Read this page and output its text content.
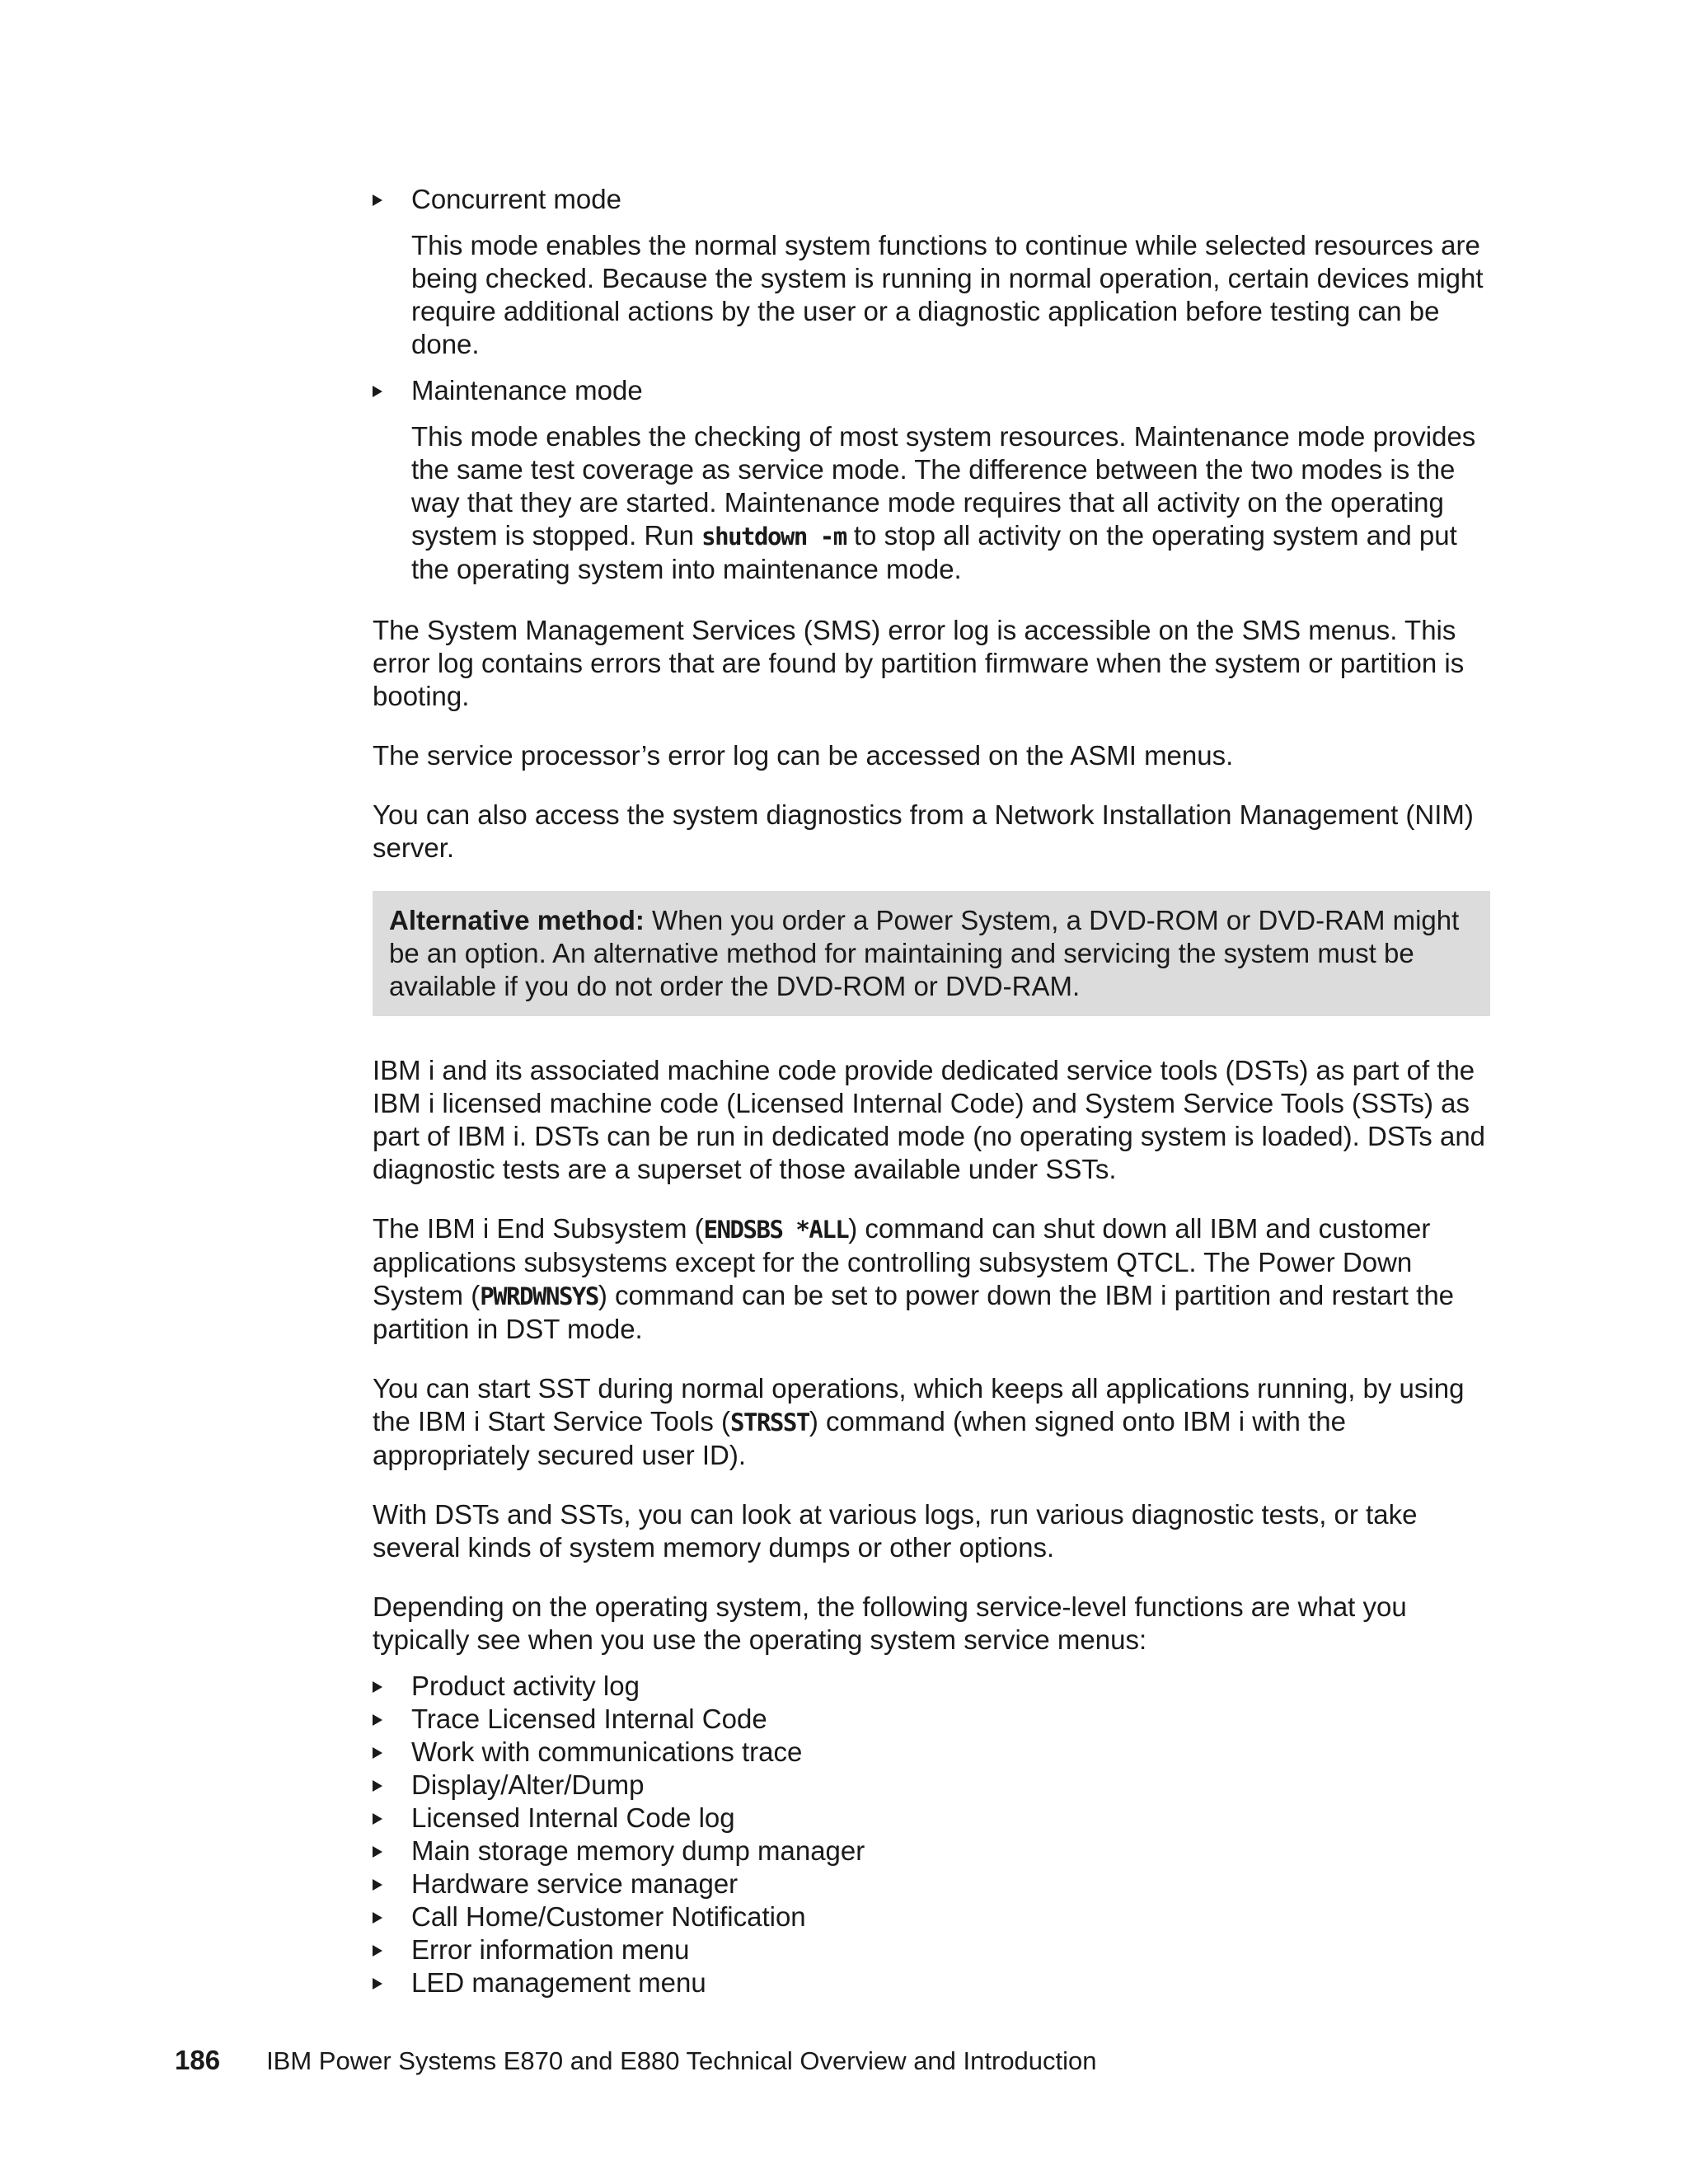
Concurrent mode
This mode enables the normal system functions to continue while selected resources are being checked. Because the system is running in normal operation, certain devices might require additional actions by the user or a diagnostic application before testing can be done.
Maintenance mode
This mode enables the checking of most system resources. Maintenance mode provides the same test coverage as service mode. The difference between the two modes is the way that they are started. Maintenance mode requires that all activity on the operating system is stopped. Run shutdown -m to stop all activity on the operating system and put the operating system into maintenance mode.

The System Management Services (SMS) error log is accessible on the SMS menus. This error log contains errors that are found by partition firmware when the system or partition is booting.

The service processor’s error log can be accessed on the ASMI menus.

You can also access the system diagnostics from a Network Installation Management (NIM) server.

Alternative method: When you order a Power System, a DVD-ROM or DVD-RAM might be an option. An alternative method for maintaining and servicing the system must be available if you do not order the DVD-ROM or DVD-RAM.

IBM i and its associated machine code provide dedicated service tools (DSTs) as part of the IBM i licensed machine code (Licensed Internal Code) and System Service Tools (SSTs) as part of IBM i. DSTs can be run in dedicated mode (no operating system is loaded). DSTs and diagnostic tests are a superset of those available under SSTs.

The IBM i End Subsystem (ENDSBS *ALL) command can shut down all IBM and customer applications subsystems except for the controlling subsystem QTCL. The Power Down System (PWRDWNSYS) command can be set to power down the IBM i partition and restart the partition in DST mode.

You can start SST during normal operations, which keeps all applications running, by using the IBM i Start Service Tools (STRSST) command (when signed onto IBM i with the appropriately secured user ID).

With DSTs and SSTs, you can look at various logs, run various diagnostic tests, or take several kinds of system memory dumps or other options.

Depending on the operating system, the following service-level functions are what you typically see when you use the operating system service menus:

Product activity log
Trace Licensed Internal Code
Work with communications trace
Display/Alter/Dump
Licensed Internal Code log
Main storage memory dump manager
Hardware service manager
Call Home/Customer Notification
Error information menu
LED management menu
186 IBM Power Systems E870 and E880 Technical Overview and Introduction
